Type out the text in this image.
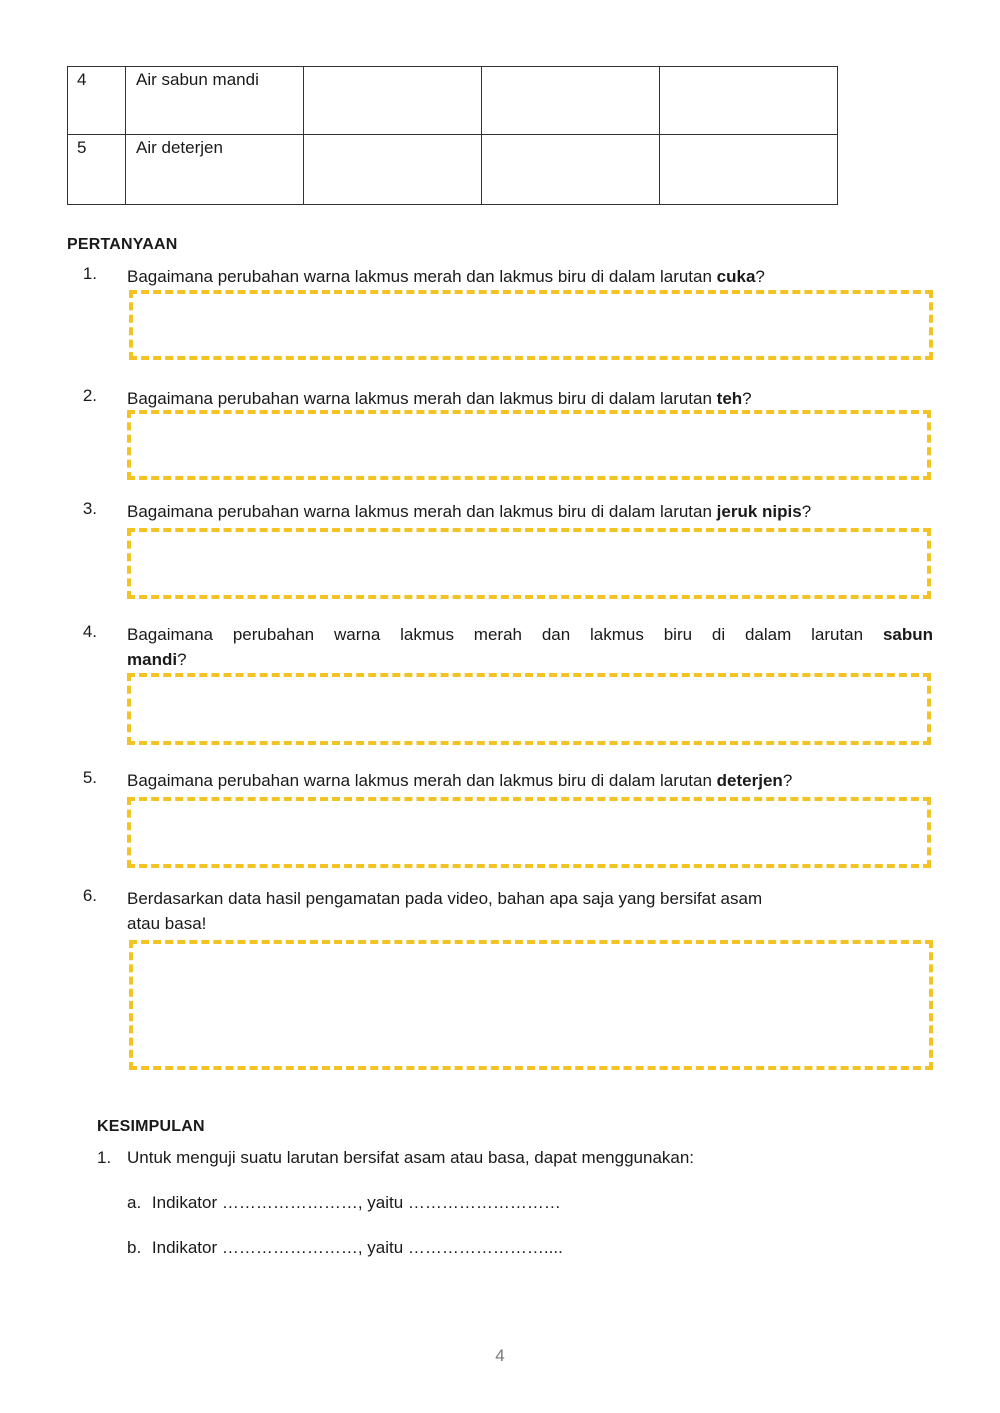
4	Air sabun mandi			
5	Air deterjen			
PERTANYAAN
1. Bagaimana perubahan warna lakmus merah dan lakmus biru di dalam larutan cuka?
2. Bagaimana perubahan warna lakmus merah dan lakmus biru di dalam larutan teh?
3. Bagaimana perubahan warna lakmus merah dan lakmus biru di dalam larutan jeruk nipis?
4. Bagaimana perubahan warna lakmus merah dan lakmus biru di dalam larutan sabun
mandi?
5. Bagaimana perubahan warna lakmus merah dan lakmus biru di dalam larutan deterjen?
6. Berdasarkan data hasil pengamatan pada video, bahan apa saja yang bersifat asam
atau basa!
KESIMPULAN
1. Untuk menguji suatu larutan bersifat asam atau basa, dapat menggunakan:
a. Indikator ……………………, yaitu ………………………
b. Indikator ……………………, yaitu ……………………....
4
